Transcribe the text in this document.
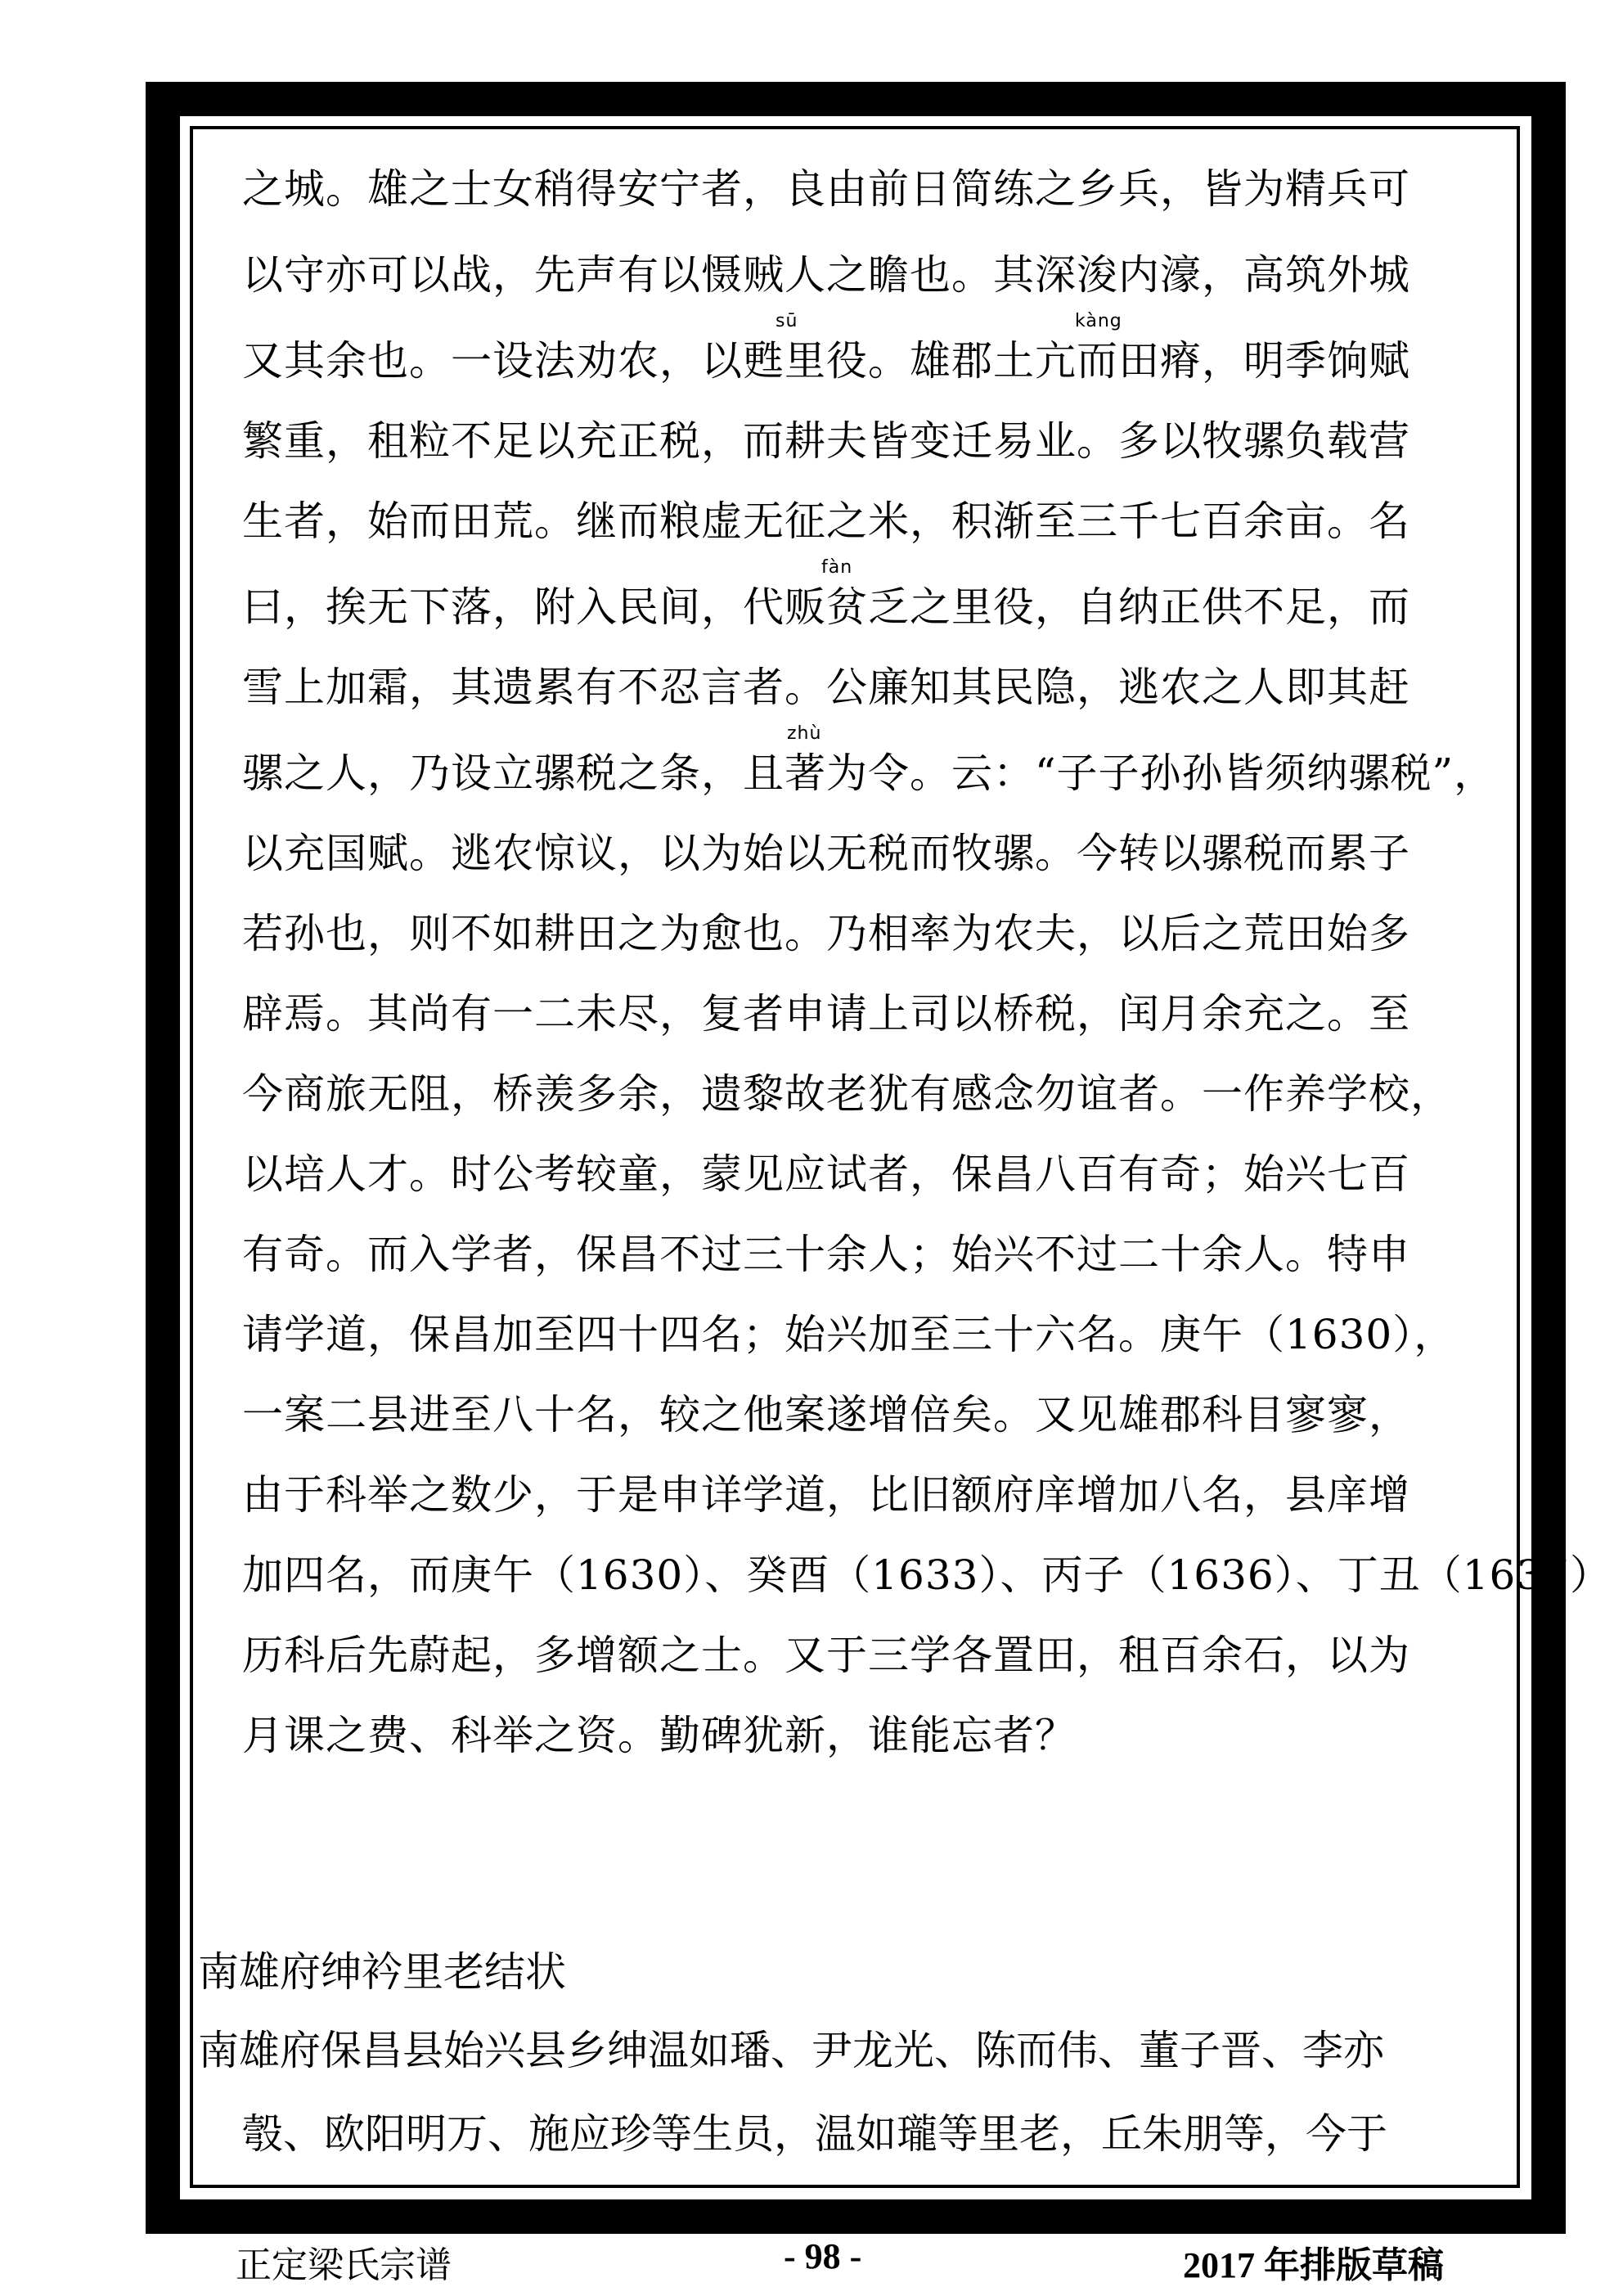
之城。雄之士女稍得安宁者，良由前日简练之乡兵，皆为精兵可
以守亦可以战，先声有以慑贼人之瞻也。其深浚内濠，高筑外城
sū	kàng
又其余也。一设法劝农，以甦里役。雄郡土亢而田瘠，明季饷赋
繁重，租粒不足以充正税，而耕夫皆变迁易业。多以牧骡负载营
生者，始而田荒。继而粮虚无征之米，积渐至三千七百余亩。名
fàn
曰，挨无下落，附入民间，代贩贫乏之里役，自纳正供不足，而
雪上加霜，其遗累有不忍言者。公廉知其民隐，逃农之人即其赶
zhù
骡之人，乃设立骡税之条，且著为令。云：“子子孙孙皆须纳骡税”，
以充国赋。逃农惊议，以为始以无税而牧骡。今转以骡税而累子
若孙也，则不如耕田之为愈也。乃相率为农夫，以后之荒田始多
辟焉。其尚有一二未尽，复者申请上司以桥税，闰月余充之。至
今商旅无阻，桥羡多余，遗黎故老犹有感念勿谊者。一作养学校，
以培人才。时公考较童，蒙见应试者，保昌八百有奇；始兴七百
有奇。而入学者，保昌不过三十余人；始兴不过二十余人。特申
请学道，保昌加至四十四名；始兴加至三十六名。庚午（1630），
一案二县进至八十名，较之他案遂增倍矣。又见雄郡科目寥寥，
由于科举之数少，于是申详学道，比旧额府庠增加八名，县庠增
加四名，而庚午（1630）、癸酉（1633）、丙子（1636）、丁丑（1637）
历科后先蔚起，多增额之士。又于三学各置田，租百余石，以为
月课之费、科举之资。勤碑犹新，谁能忘者？
南雄府绅衿里老结状
南雄府保昌县始兴县乡绅温如璠、尹龙光、陈而伟、董子晋、李亦
彀、欧阳明万、施应珍等生员，温如瓏等里老，丘朱朋等，今于
正定梁氏宗谱	- 98 -	2017 年排版草稿
